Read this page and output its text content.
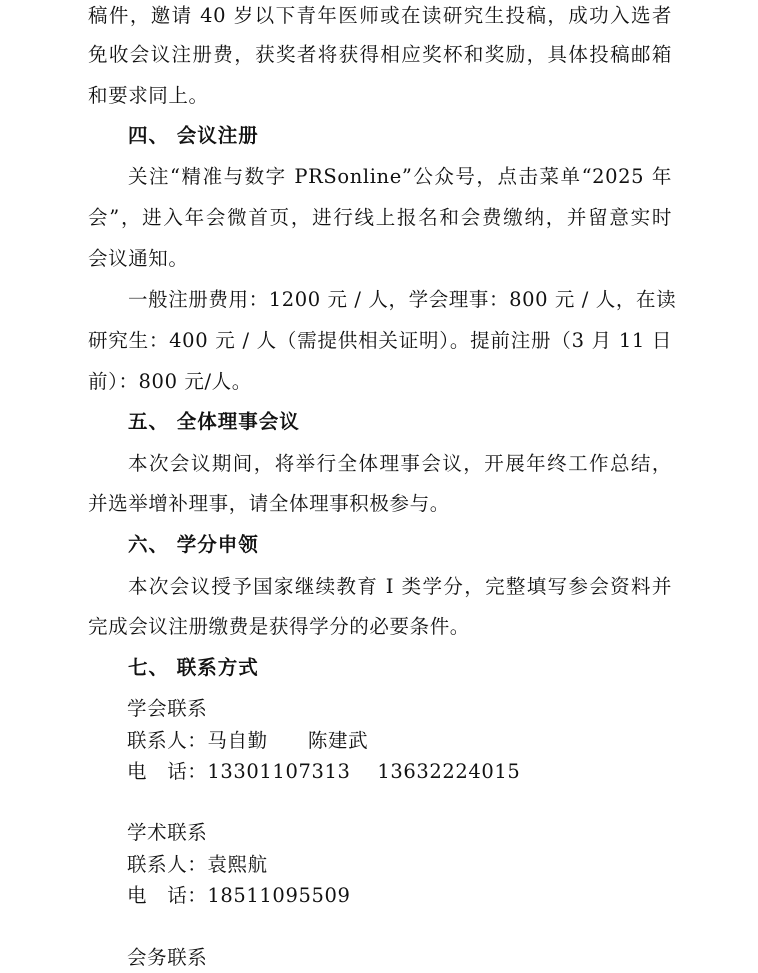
稿件，邀请 40 岁以下青年医师或在读研究生投稿，成功入选者
免收会议注册费，获奖者将获得相应奖杯和奖励，具体投稿邮箱
和要求同上。
四、 会议注册
关注“精准与数字 PRSonline”公众号，点击菜单“2025 年
会”，进入年会微首页，进行线上报名和会费缴纳，并留意实时
会议通知。
一般注册费用：1200 元 / 人，学会理事：800 元 / 人，在读
研究生：400 元 / 人（需提供相关证明）。提前注册（3 月 11 日
前）：800 元/人。
五、 全体理事会议
本次会议期间，将举行全体理事会议，开展年终工作总结，
并选举增补理事，请全体理事积极参与。
六、 学分申领
本次会议授予国家继续教育 I 类学分，完整填写参会资料并
完成会议注册缴费是获得学分的必要条件。
七、 联系方式
学会联系
联系人：马自勤　　陈建武
电　话：13301107313　 13632224015
学术联系
联系人：袁熙航
电　话：18511095509
会务联系
